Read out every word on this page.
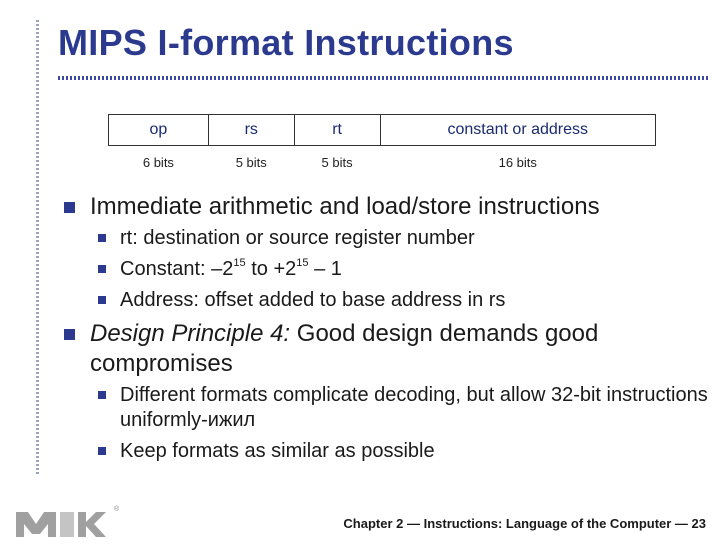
MIPS I-format Instructions
op	rs	rt	constant or address
6 bits	5 bits	5 bits	16 bits
Immediate arithmetic and load/store instructions
rt: destination or source register number
Constant: $-2^{15}$ to $+2^{15} - 1$
Address: offset added to base address in rs
Design Principle 4: Good design demands good compromises
Different formats complicate decoding, but allow 32-bit instructions uniformly-ижил
Keep formats as similar as possible
®
Chapter 2 — Instructions: Language of the Computer — 23
